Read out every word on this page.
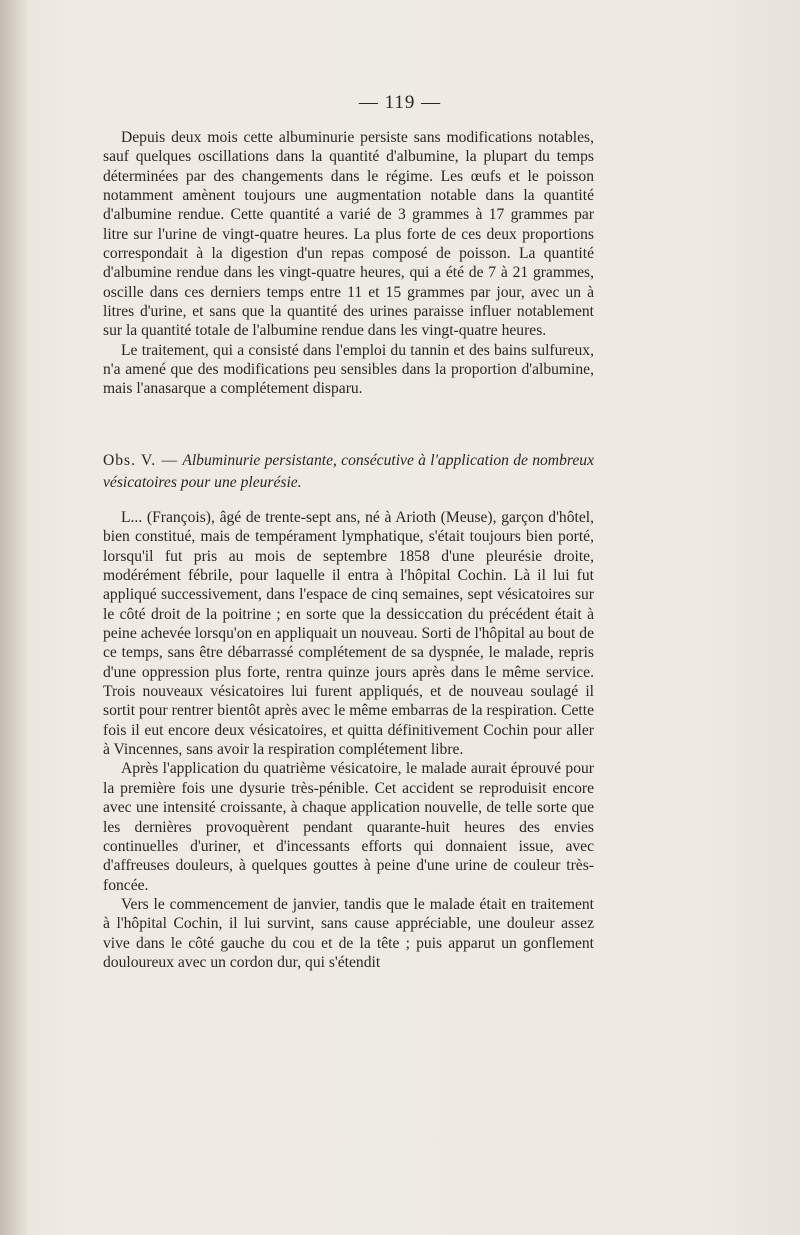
— 119 —

Depuis deux mois cette albuminurie persiste sans modifications notables, sauf quelques oscillations dans la quantité d'albumine, la plupart du temps déterminées par des changements dans le régime. Les œufs et le poisson notamment amènent toujours une augmentation notable dans la quantité d'albumine rendue. Cette quantité a varié de 3 grammes à 17 grammes par litre sur l'urine de vingt-quatre heures. La plus forte de ces deux proportions correspondait à la digestion d'un repas composé de poisson. La quantité d'albumine rendue dans les vingt-quatre heures, qui a été de 7 à 21 grammes, oscille dans ces derniers temps entre 11 et 15 grammes par jour, avec un à litres d'urine, et sans que la quantité des urines paraisse influer notablement sur la quantité totale de l'albumine rendue dans les vingt-quatre heures.

Le traitement, qui a consisté dans l'emploi du tannin et des bains sulfureux, n'a amené que des modifications peu sensibles dans la proportion d'albumine, mais l'anasarque a complétement disparu.

Obs. V. — Albuminurie persistante, consécutive à l'application de nombreux vésicatoires pour une pleurésie.

L... (François), âgé de trente-sept ans, né à Arioth (Meuse), garçon d'hôtel, bien constitué, mais de tempérament lymphatique, s'était toujours bien porté, lorsqu'il fut pris au mois de septembre 1858 d'une pleurésie droite, modérément fébrile, pour laquelle il entra à l'hôpital Cochin. Là il lui fut appliqué successivement, dans l'espace de cinq semaines, sept vésicatoires sur le côté droit de la poitrine ; en sorte que la dessiccation du précédent était à peine achevée lorsqu'on en appliquait un nouveau. Sorti de l'hôpital au bout de ce temps, sans être débarrassé complétement de sa dyspnée, le malade, repris d'une oppression plus forte, rentra quinze jours après dans le même service. Trois nouveaux vésicatoires lui furent appliqués, et de nouveau soulagé il sortit pour rentrer bientôt après avec le même embarras de la respiration. Cette fois il eut encore deux vésicatoires, et quitta définitivement Cochin pour aller à Vincennes, sans avoir la respiration complétement libre.

Après l'application du quatrième vésicatoire, le malade aurait éprouvé pour la première fois une dysurie très-pénible. Cet accident se reproduisit encore avec une intensité croissante, à chaque application nouvelle, de telle sorte que les dernières provoquèrent pendant quarante-huit heures des envies continuelles d'uriner, et d'incessants efforts qui donnaient issue, avec d'affreuses douleurs, à quelques gouttes à peine d'une urine de couleur très-foncée.

Vers le commencement de janvier, tandis que le malade était en traitement à l'hôpital Cochin, il lui survint, sans cause appréciable, une douleur assez vive dans le côté gauche du cou et de la tête ; puis apparut un gonflement douloureux avec un cordon dur, qui s'étendit
